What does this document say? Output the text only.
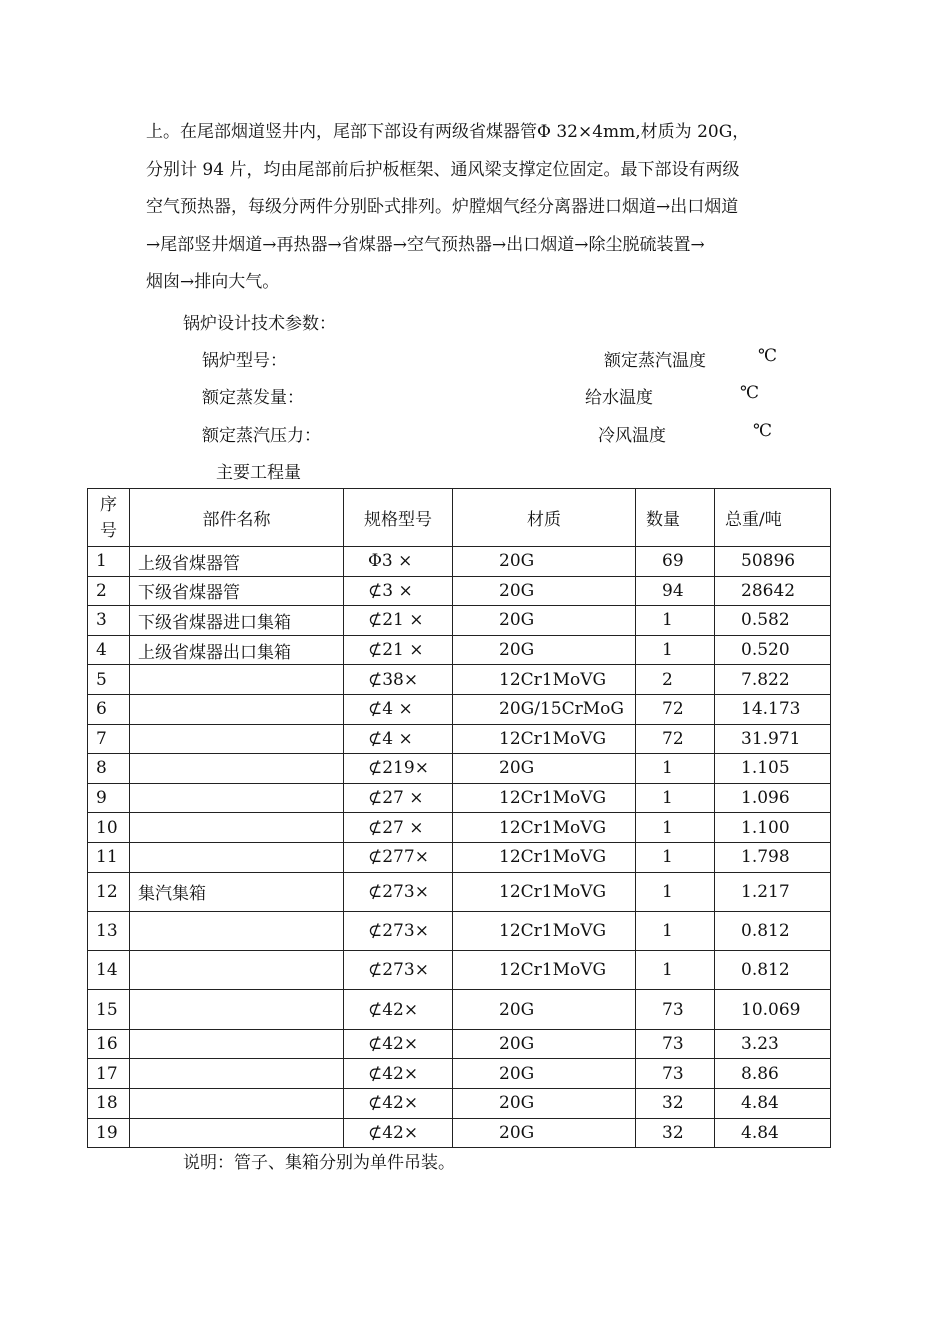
上。在尾部烟道竖井内，尾部下部设有两级省煤器管Φ 32×4mm,材质为 20G，

分别计 94 片，均由尾部前后护板框架、通风梁支撑定位固定。最下部设有两级

空气预热器，每级分两件分别卧式排列。炉膛烟气经分离器进口烟道→出口烟道

→尾部竖井烟道→再热器→省煤器→空气预热器→出口烟道→除尘脱硫装置→

烟囱→排向大气。

锅炉设计技术参数：
锅炉型号：	额定蒸汽温度	℃
额定蒸发量：	给水温度	℃
额定蒸汽压力：	冷风温度	℃
主要工程量
序
号	部件名称	规格型号	材质	数量	总重/吨
1	上级省煤器管	Φ3 ×	20G	69	50896
2	下级省煤器管	⊄3 ×	20G	94	28642
3	下级省煤器进口集箱	⊄21 ×	20G	1	0.582
4	上级省煤器出口集箱	⊄21 ×	20G	1	0.520
5		⊄38×	12Cr1MoVG	2	7.822
6		⊄4 ×	20G/15CrMoG	72	14.173
7		⊄4 ×	12Cr1MoVG	72	31.971
8		⊄219×	20G	1	1.105
9		⊄27 ×	12Cr1MoVG	1	1.096
10		⊄27 ×	12Cr1MoVG	1	1.100
11		⊄277×	12Cr1MoVG	1	1.798
12	集汽集箱	⊄273×	12Cr1MoVG	1	1.217
13		⊄273×	12Cr1MoVG	1	0.812
14		⊄273×	12Cr1MoVG	1	0.812
15		⊄42×	20G	73	10.069
16		⊄42×	20G	73	3.23
17		⊄42×	20G	73	8.86
18		⊄42×	20G	32	4.84
19		⊄42×	20G	32	4.84
说明：管子、集箱分别为单件吊装。
